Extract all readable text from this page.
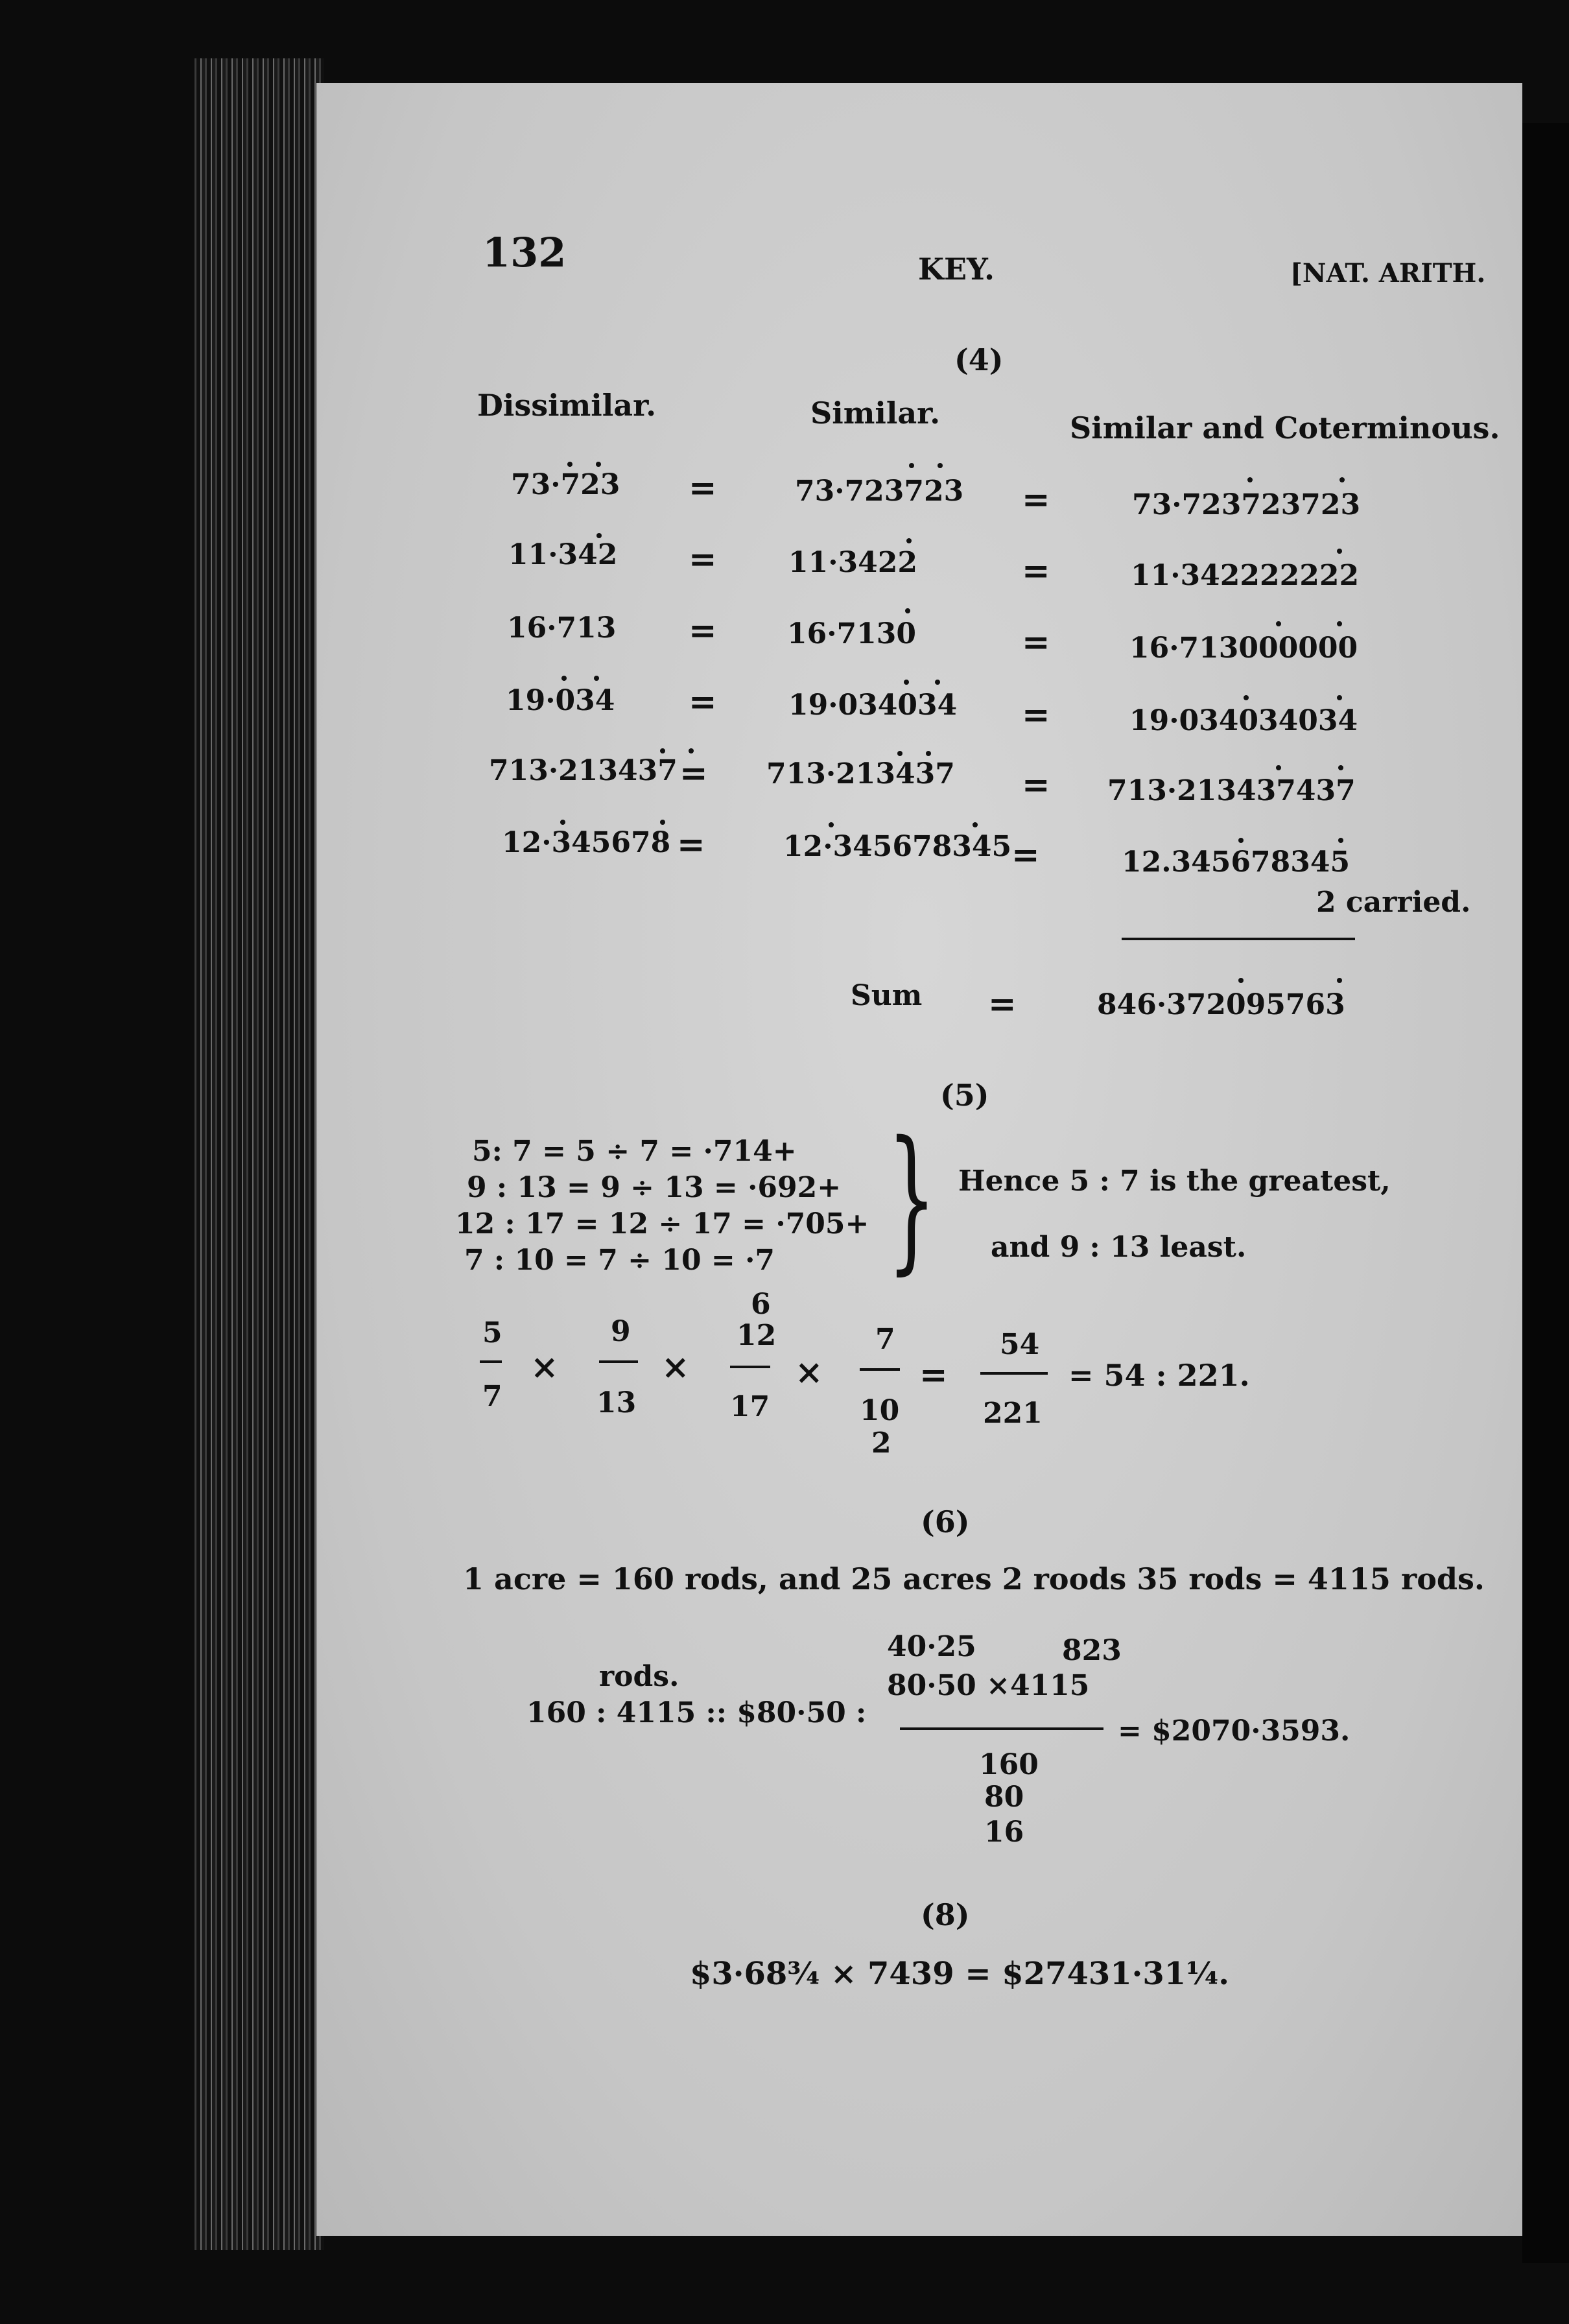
132	KEY.	[NAT. ARITH.
(4)
Dissimilar.	Similar.	Similar and Coterminous.
73·723 =	73·723723 =	73·723723723
11·342 =	11·3422	=	11·342222222
16·713 = 16·7130	=	16·713000000
19·034 =	19·034034 =	19·034034034
713·213437 = 713·213437 = 713·213437437
12·345678 =	12·345678345 =	12.345678345
2 carried.
Sum =	846·372095763
(5)
5: 7 = 5 ÷ 7 = ·714+
9 : 13 = 9 ÷ 13 = ·692+
12 : 17 = 12 ÷ 17 = ·705+
7 : 10 = 7 ÷ 10 = ·7 } Hence 5 : 7 is the greatest,
and 9 : 13 least.
5
7
×
9
13
×
6
12
17
×
7
10
2
=
54
221
= 54 : 221.
(6)
1 acre = 160 rods, and 25 acres 2 roods 35 rods = 4115 rods.
40·25	823
rods.
160 : 4115 :: $80·50 :
80·50 ×4115
= $2070·3593.
160
80
16
(8)
$3·68¾ × 7439 = $27431·31¼.
